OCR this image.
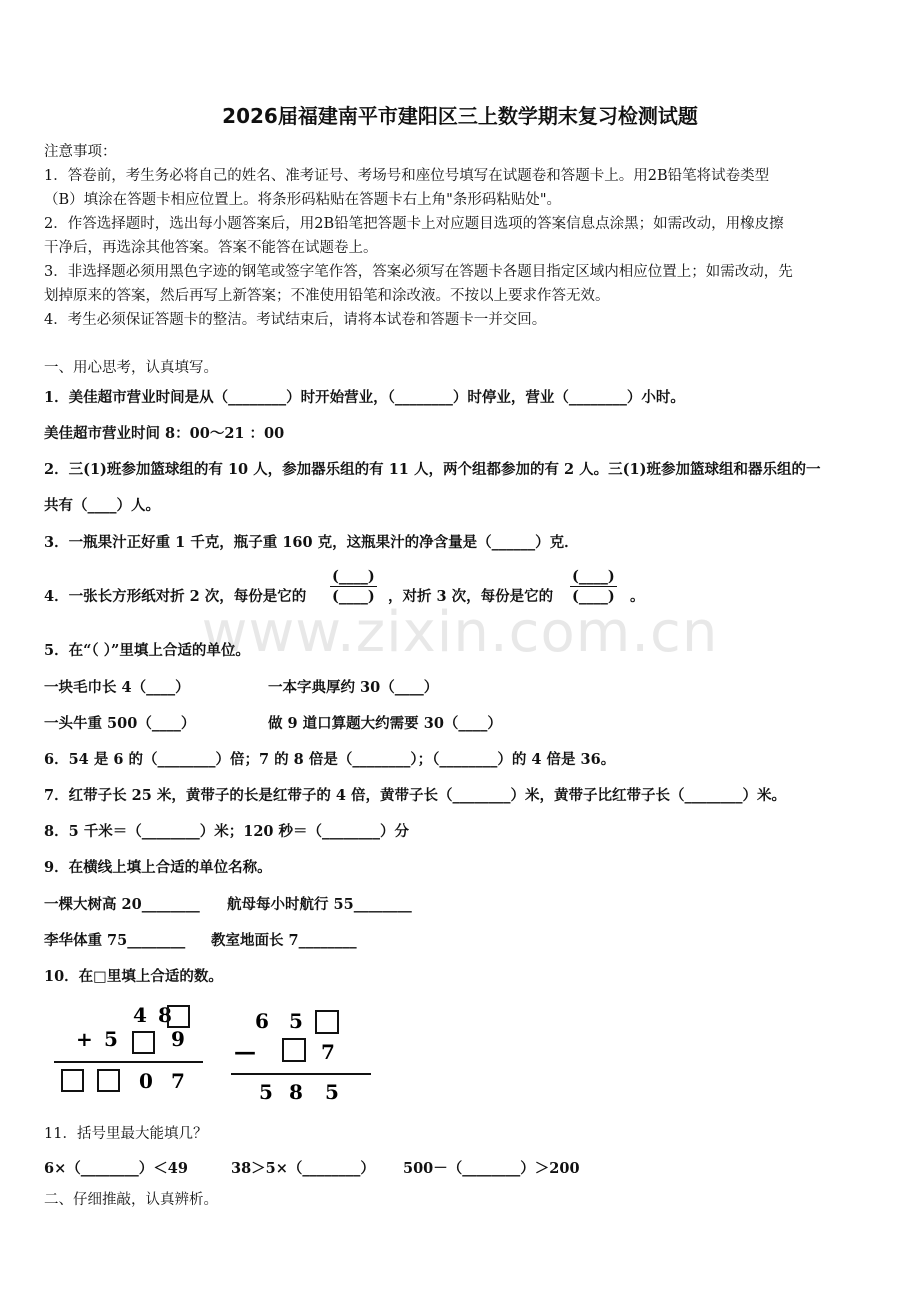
www.zixin.com.cn
2026届福建南平市建阳区三上数学期末复习检测试题
注意事项：
1．答卷前，考生务必将自己的姓名、准考证号、考场号和座位号填写在试题卷和答题卡上。用2B铅笔将试卷类型
（B）填涂在答题卡相应位置上。将条形码粘贴在答题卡右上角"条形码粘贴处"。
2．作答选择题时，选出每小题答案后，用2B铅笔把答题卡上对应题目选项的答案信息点涂黑；如需改动，用橡皮擦
干净后，再选涂其他答案。答案不能答在试题卷上。
3．非选择题必须用黑色字迹的钢笔或签字笔作答，答案必须写在答题卡各题目指定区域内相应位置上；如需改动，先
划掉原来的答案，然后再写上新答案；不准使用铅笔和涂改液。不按以上要求作答无效。
4．考生必须保证答题卡的整洁。考试结束后，请将本试卷和答题卡一并交回。
一、用心思考，认真填写。
1．美佳超市营业时间是从（________）时开始营业，（________）时停业，营业（________）小时。
美佳超市营业时间 8：00～21 ：00
2．三(1)班参加篮球组的有 10 人，参加器乐组的有 11 人，两个组都参加的有 2 人。三(1)班参加篮球组和器乐组的一
共有（____）人。
3．一瓶果汁正好重 1 千克，瓶子重 160 克，这瓶果汁的净含量是（______）克．
4．一张长方形纸对折 2 次，每份是它的
(____)
(____) ，对折 3 次，每份是它的
(____)
(____) 。
5．在“（ ）”里填上合适的单位。
一块毛巾长 4（____）	一本字典厚约 30（____）
一头牛重 500（____）	做 9 道口算题大约需要 30（____）
6．54 是 6 的（________）倍；7 的 8 倍是（________）；（________）的 4 倍是 36。
7．红带子长 25 米，黄带子的长是红带子的 4 倍，黄带子长（________）米，黄带子比红带子长（________）米。
8．5 千米＝（________）米；120 秒＝（________）分
9．在横线上填上合适的单位名称。
一棵大树高 20________ 航母每小时航行 55________
李华体重 75________ 教室地面长 7________
10．在□里填上合适的数。
4 8
+ 5	9
0 7
6 5
—	7
5 8 5
11．括号里最大能填几？
6×（________）＜49	38＞5×（________） 500－（________）＞200
二、仔细推敲，认真辨析。
